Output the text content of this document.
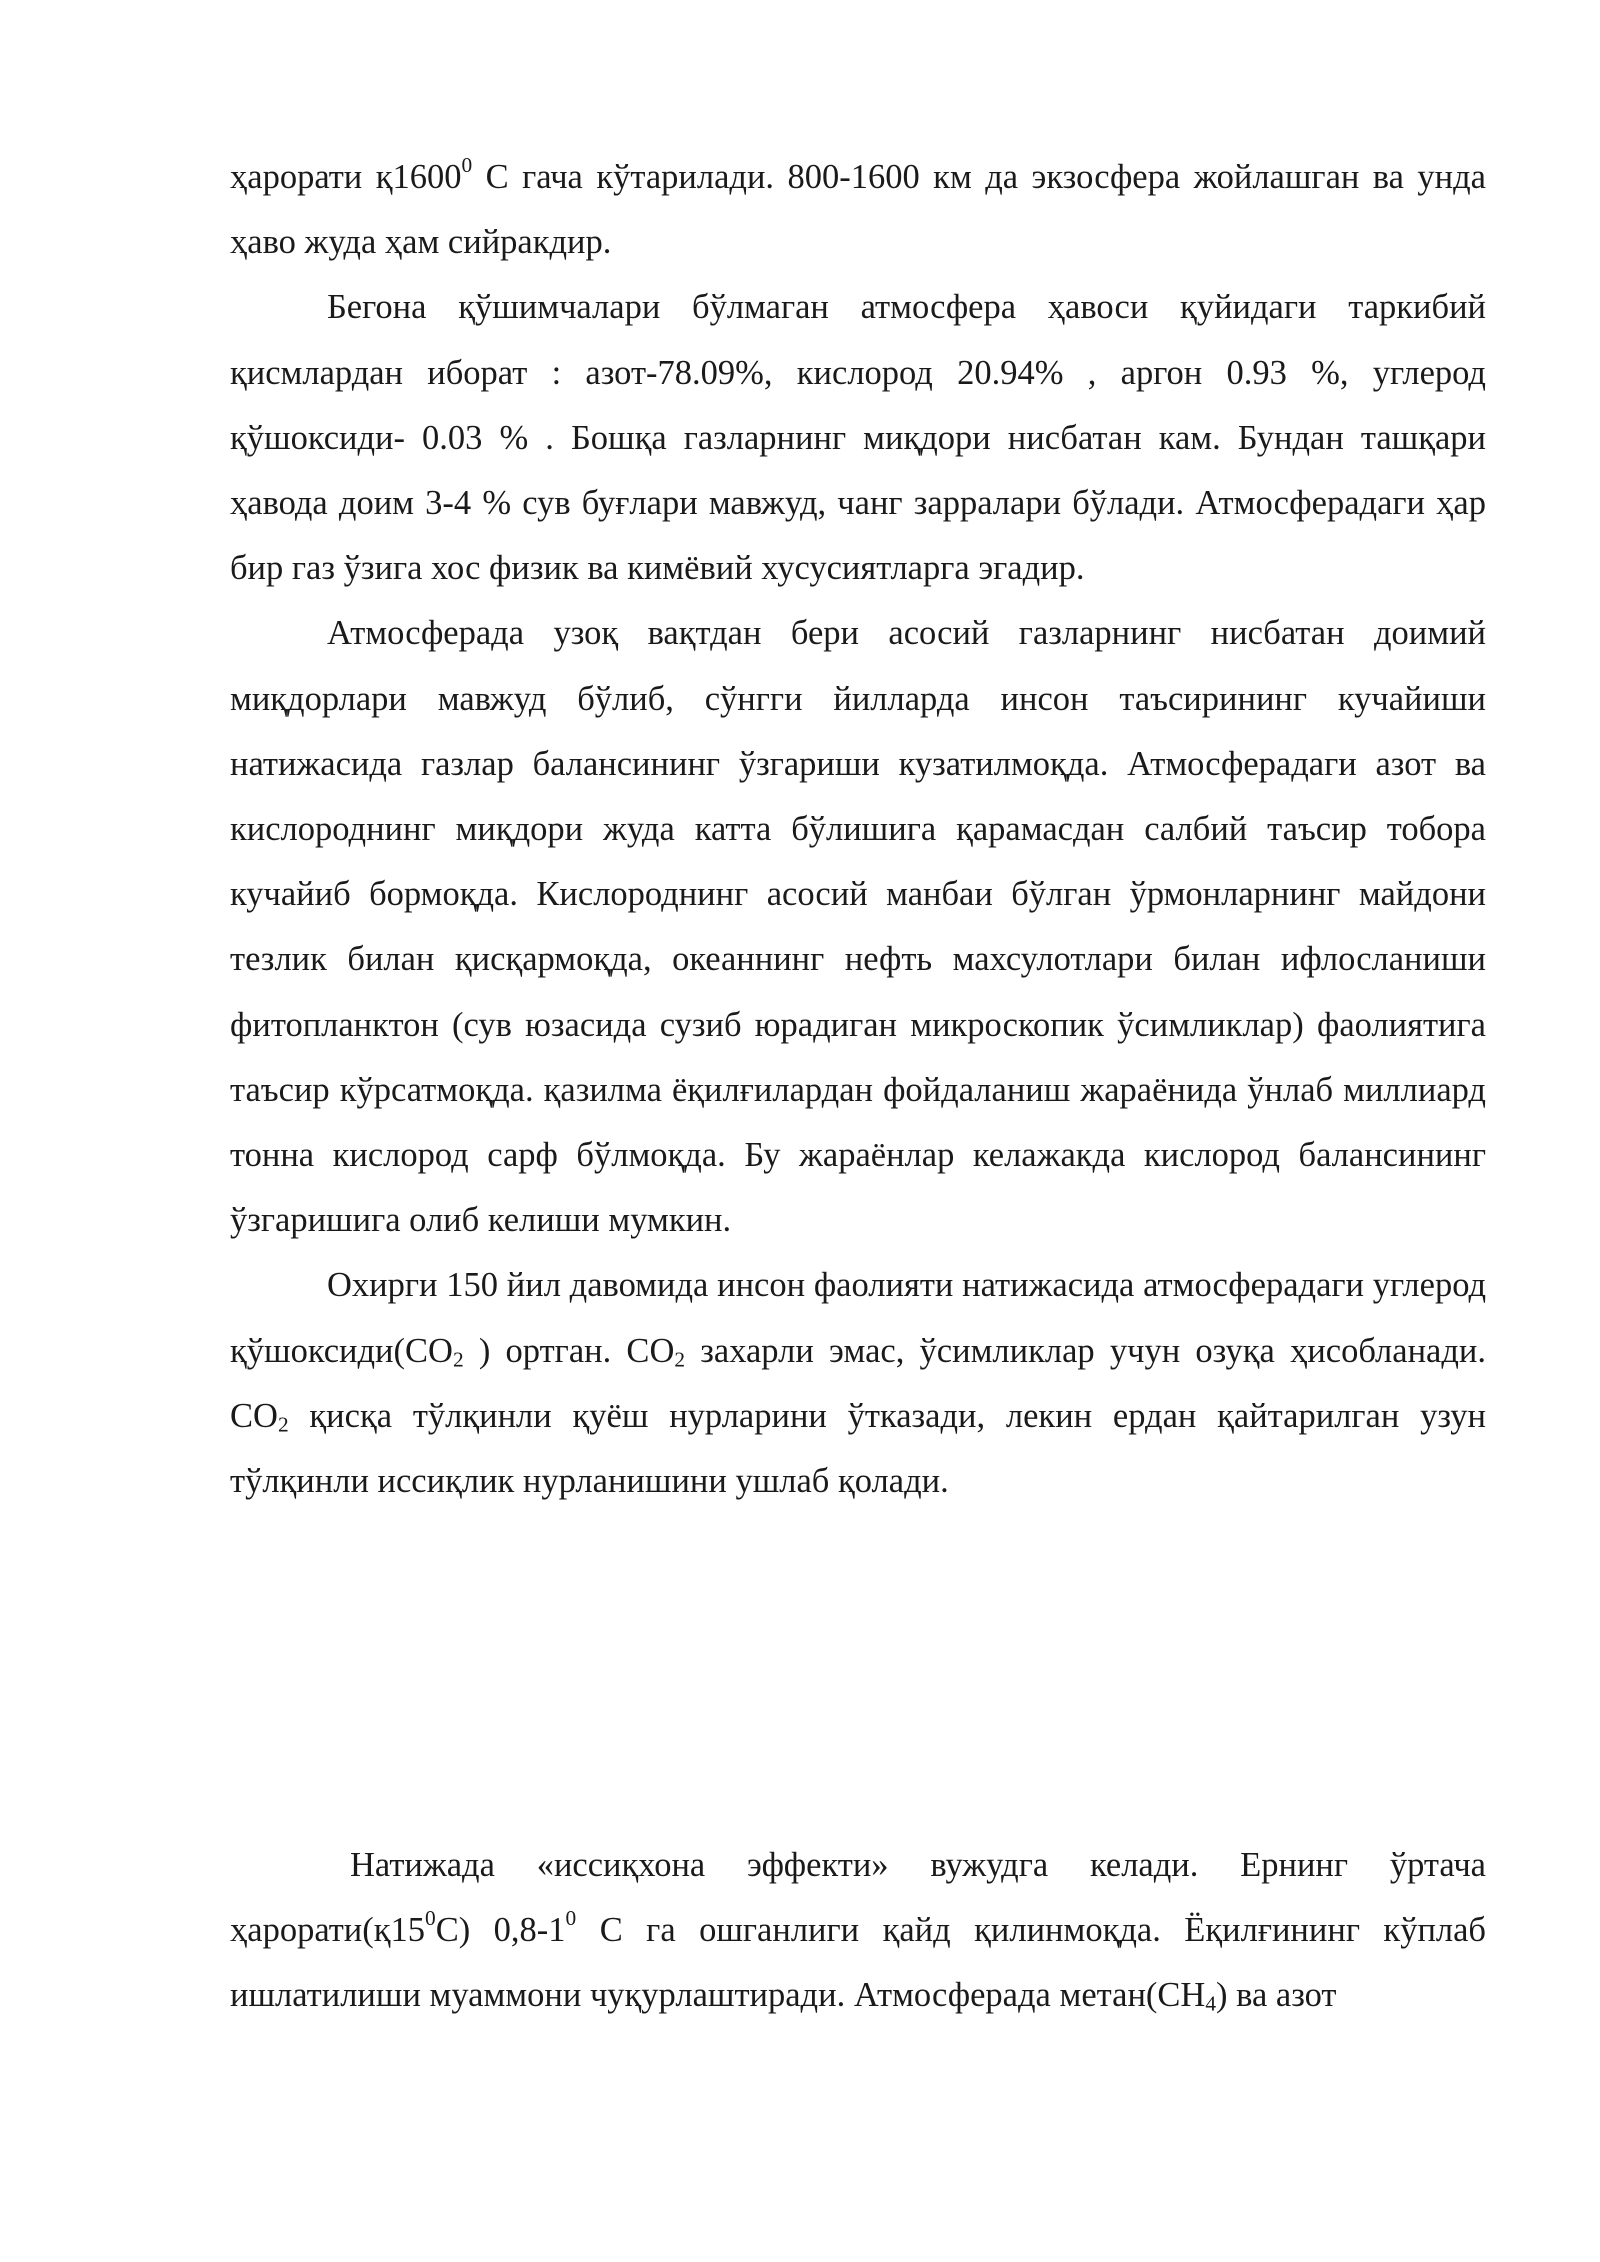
ҳарорати қ1600$^0$ С гача кўтарилади. 800-1600 км да экзосфера жойлашган ва унда ҳаво жуда ҳам сийракдир.

Бегона қўшимчалари бўлмаган атмосфера ҳавоси қуйидаги таркибий қисмлардан иборат : азот-78.09%, кислород 20.94% , аргон 0.93 %, углерод қўшоксиди- 0.03 % . Бошқа газларнинг миқдори нисбатан кам. Бундан ташқари ҳавода доим 3-4 % сув буғлари мавжуд, чанг зарралари бўлади. Атмосферадаги ҳар бир газ ўзига хос физик ва кимёвий хусусиятларга эгадир.

Атмосферада узоқ вақтдан бери асосий газларнинг нисбатан доимий миқдорлари мавжуд бўлиб, сўнгги йилларда инсон таъсирининг кучайиши натижасида газлар балансининг ўзгариши кузатилмоқда. Атмосферадаги азот ва кислороднинг миқдори жуда катта бўлишига қарамасдан салбий таъсир тобора кучайиб бормоқда. Кислороднинг асосий манбаи бўлган ўрмонларнинг майдони тезлик билан қисқармоқда, океаннинг нефть махсулотлари билан ифлосланиши фитопланктон (сув юзасида сузиб юрадиган микроскопик ўсимликлар) фаолиятига таъсир кўрсатмоқда. қазилма ёқилғилардан фойдаланиш жараёнида ўнлаб миллиард тонна кислород сарф бўлмоқда. Бу жараёнлар келажакда кислород балансининг ўзгаришига олиб келиши мумкин.

Охирги 150 йил давомида инсон фаолияти натижасида атмосферадаги углерод $қўшоксиди(СО_2$ ) ортган. $СО_2$ захарли эмас, ўсимликлар учун озуқа ҳисобланади. $СО_2$ қисқа тўлқинли қуёш нурларини ўтказади, лекин ердан қайтарилган узун тўлқинли иссиқлик нурланишини ушлаб қолади.

Натижада «иссиқхона эффекти» вужудга келади. Ернинг ўртача $ҳарорати(қ15^0С)$ $0,8-1^0$ С га ошганлиги қайд қилинмоқда. Ёқилғининг кўплаб ишлатилиши муаммони чуқурлаштиради. Атмосферада $метан(СН_4)$ ва азот
